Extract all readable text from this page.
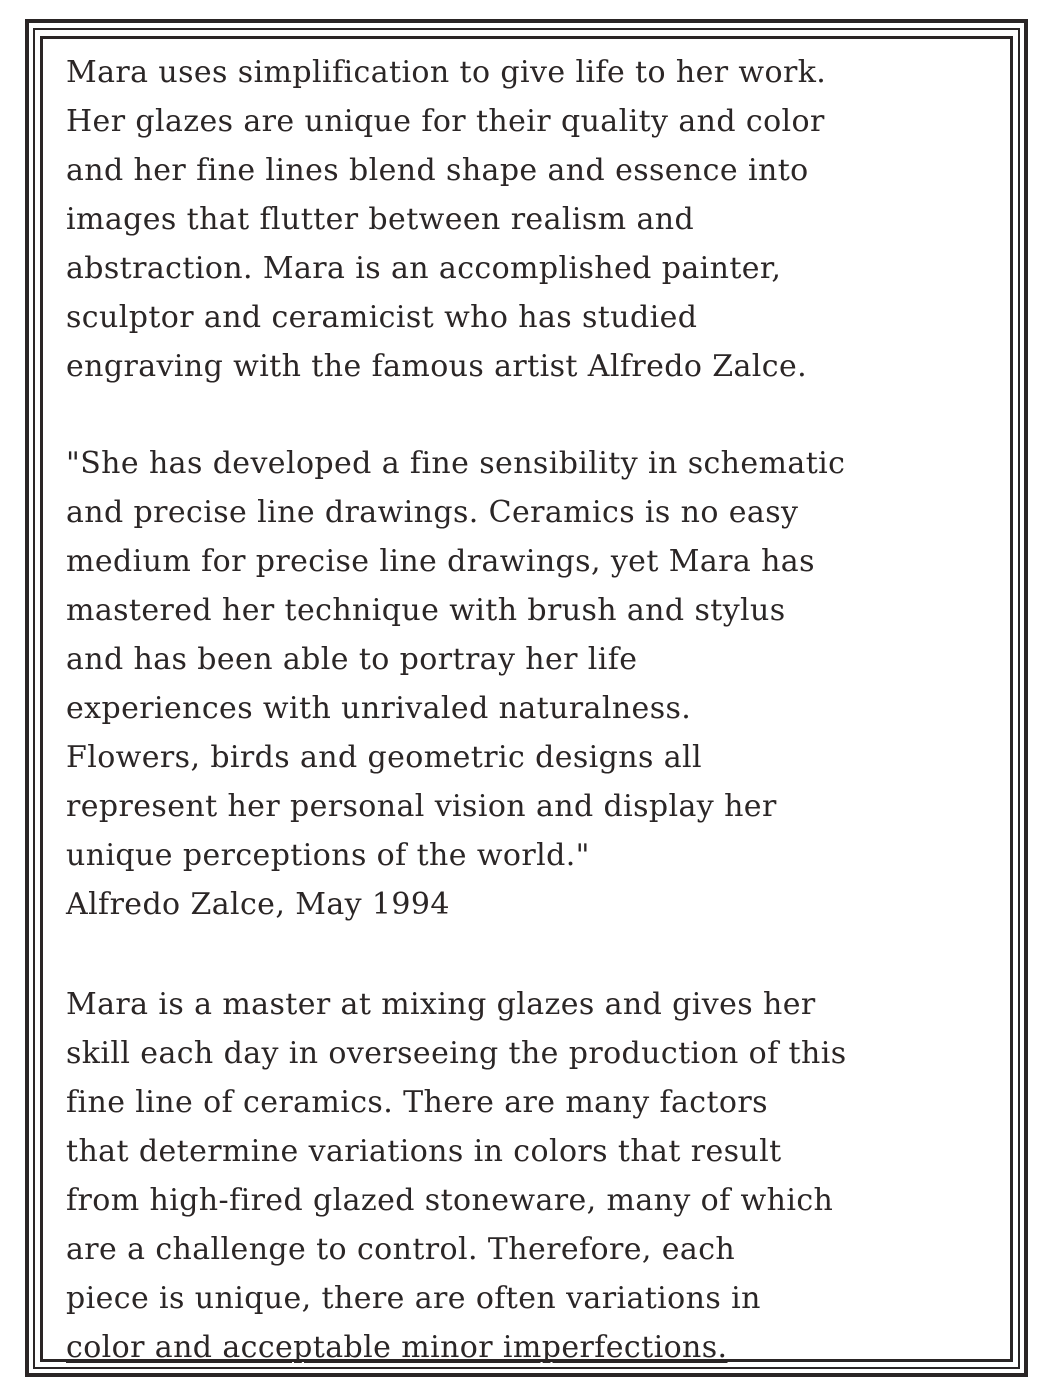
Mara uses simplification to give life to her work.
Her glazes are unique for their quality and color
and her fine lines blend shape and essence into
images that flutter between realism and
abstraction. Mara is an accomplished painter,
sculptor and ceramicist who has studied
engraving with the famous artist Alfredo Zalce.
"She has developed a fine sensibility in schematic
and precise line drawings. Ceramics is no easy
medium for precise line drawings, yet Mara has
mastered her technique with brush and stylus
and has been able to portray her life
experiences with unrivaled naturalness.
Flowers, birds and geometric designs all
represent her personal vision and display her
unique perceptions of the world."
Alfredo Zalce, May 1994
Mara is a master at mixing glazes and gives her
skill each day in overseeing the production of this
fine line of ceramics. There are many factors
that determine variations in colors that result
from high-fired glazed stoneware, many of which
are a challenge to control. Therefore, each
piece is unique, there are often variations in
color and acceptable minor imperfections.
